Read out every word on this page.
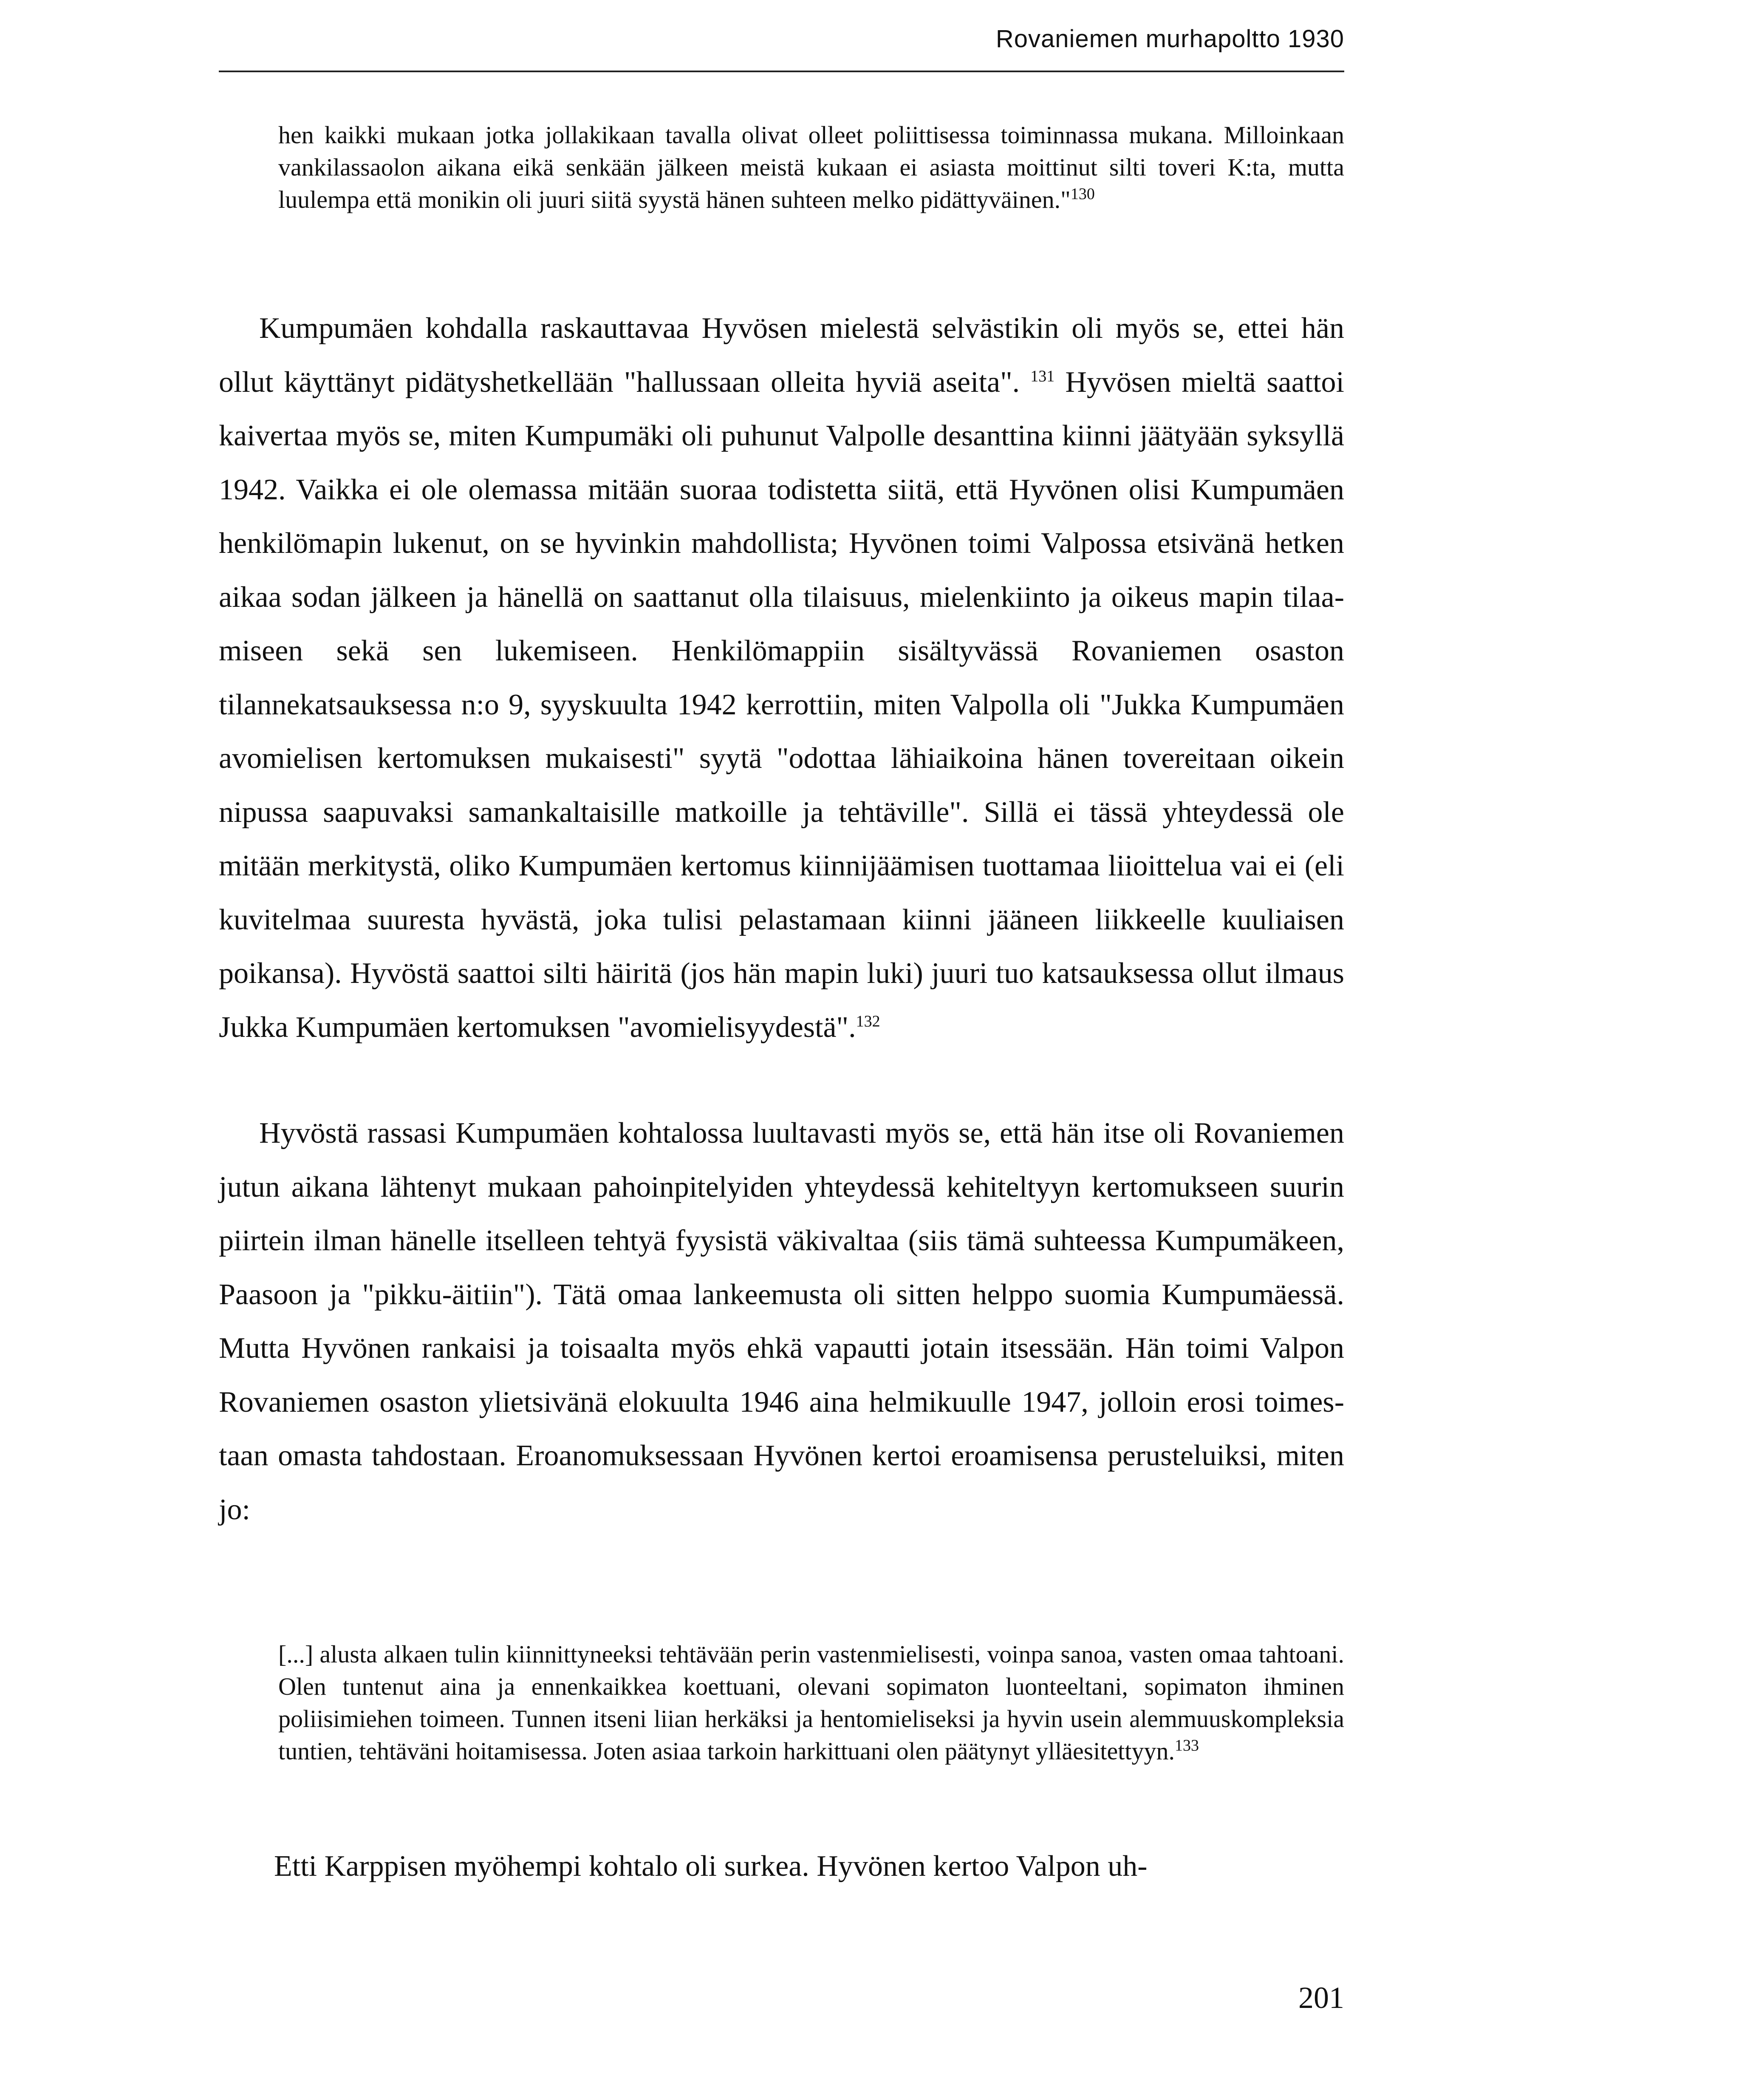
Rovaniemen murhapoltto 1930

hen kaikki mukaan jotka jollakikaan tavalla olivat olleet poliittisessa toiminnassa mukana. Milloinkaan vankilassaolon aikana eikä senkään jälkeen meistä kukaan ei asiasta moittinut silti toveri K:ta, mutta luulempa että monikin oli juuri siitä syystä hänen suhteen melko pidättyväinen."$^{130}$

Kumpumäen kohdalla raskauttavaa Hyvösen mielestä selvästikin oli myös se, ettei hän ollut käyttänyt pidätyshetkellään "hallussaan olleita hyviä aseita". $^{131}$ Hyvösen mieltä saattoi kaivertaa myös se, miten Kumpumäki oli puhunut Valpolle desanttina kiinni jäätyään syksyllä 1942. Vaikka ei ole olemassa mitään suoraa todistetta siitä, että Hyvönen olisi Kumpumäen henkilömapin lukenut, on se hyvinkin mahdollista; Hyvönen toimi Valpossa etsivänä hetken aikaa sodan jälkeen ja hänellä on saattanut olla tilaisuus, mielenkiinto ja oikeus mapin tilaamiseen sekä sen lukemiseen. Henkilömappiin sisältyvässä Rovaniemen osaston tilannekatsauksessa n:o 9, syyskuulta 1942 kerrottiin, miten Valpolla oli "Jukka Kumpumäen avomielisen kertomuksen mukaisesti" syytä "odottaa lähiaikoina hänen tovereitaan oikein nipussa saapuvaksi samankaltaisille matkoille ja tehtäville". Sillä ei tässä yhteydessä ole mitään merkitystä, oliko Kumpumäen kertomus kiinnijäämisen tuottamaa liioittelua vai ei (eli kuvitelmaa suuresta hyvästä, joka tulisi pelastamaan kiinni jääneen liikkeelle kuuliaisen poikansa). Hyvöstä saattoi silti häiritä (jos hän mapin luki) juuri tuo katsauksessa ollut ilmaus Jukka Kumpumäen kertomuksen "avomielisyydestä".$^{132}$

Hyvöstä rassasi Kumpumäen kohtalossa luultavasti myös se, että hän itse oli Rovaniemen jutun aikana lähtenyt mukaan pahoinpitelyiden yhteydessä kehiteltyyn kertomukseen suurin piirtein ilman hänelle itselleen tehtyä fyysistä väkivaltaa (siis tämä suhteessa Kumpumäkeen, Paasoon ja "pikku-äitiin"). Tätä omaa lankeemusta oli sitten helppo suomia Kumpumäessä. Mutta Hyvönen rankaisi ja toisaalta myös ehkä vapautti jotain itsessään. Hän toimi Valpon Rovaniemen osaston ylietsivänä elokuulta 1946 aina helmikuulle 1947, jolloin erosi toimestaan omasta tahdostaan. Eroanomuksessaan Hyvönen kertoi eroamisensa perusteluiksi, miten jo:

[...] alusta alkaen tulin kiinnittyneeksi tehtävään perin vastenmielisesti, voinpa sanoa, vasten omaa tahtoani. Olen tuntenut aina ja ennenkaikkea koettuani, olevani sopimaton luonteeltani, sopimaton ihminen poliisimiehen toimeen. Tunnen itseni liian herkäksi ja hentomieliseksi ja hyvin usein alemmuuskompleksia tuntien, tehtäväni hoitamisessa. Joten asiaa tarkoin harkittuani olen päätynyt ylläesitettyyn.$^{133}$

Etti Karppisen myöhempi kohtalo oli surkea. Hyvönen kertoo Valpon uh-

201
